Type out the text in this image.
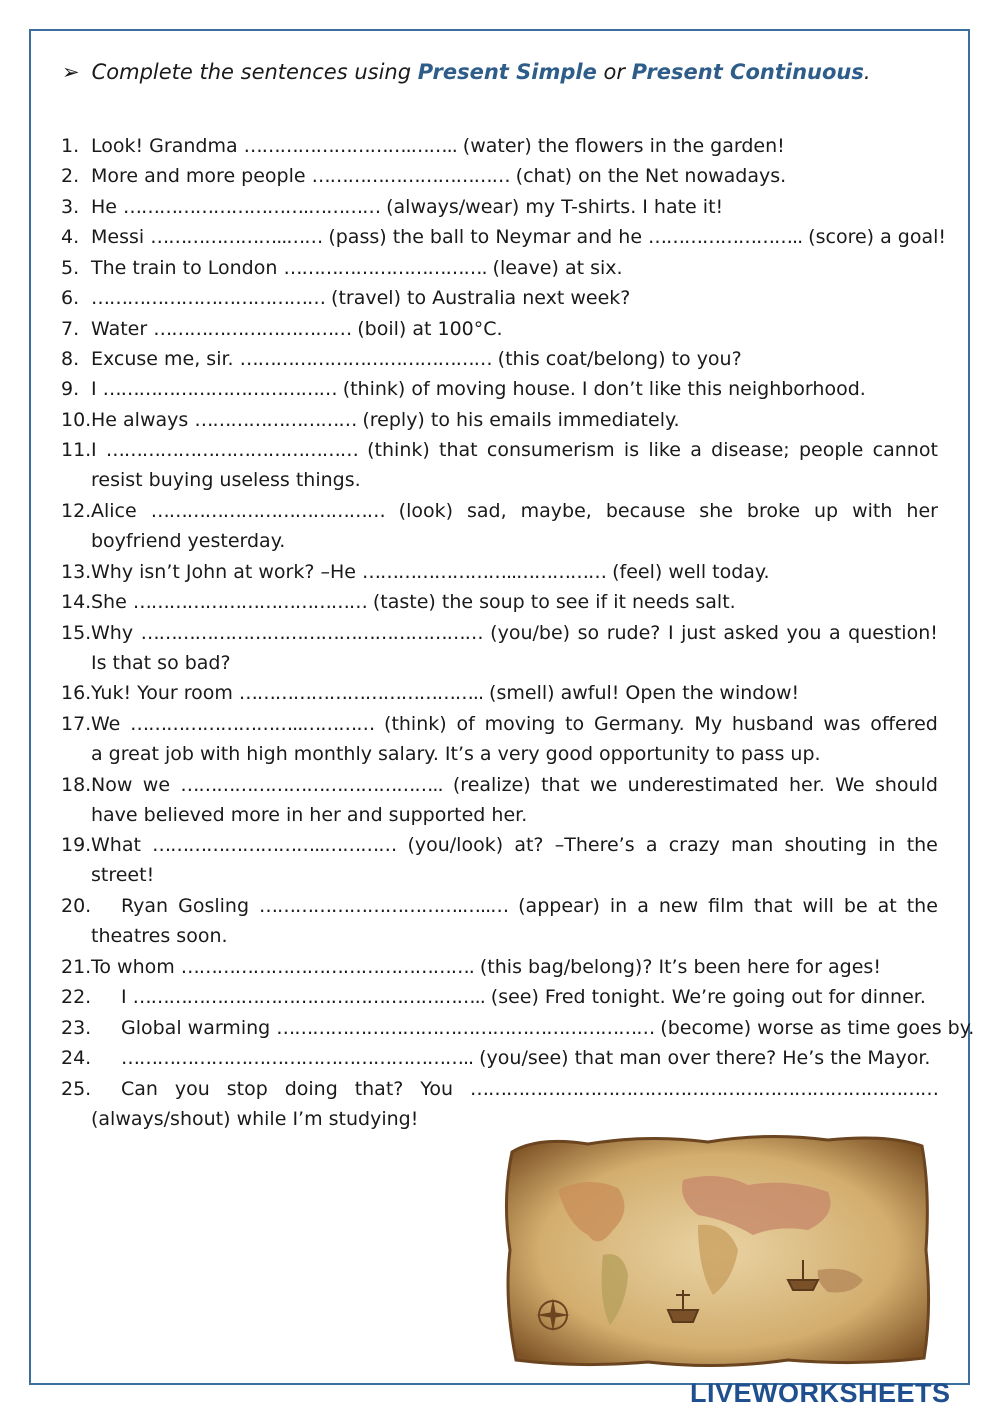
➢ Complete the sentences using Present Simple or Present Continuous.
1. Look! Grandma ……………………….…….. (water) the flowers in the garden!
2. More and more people …………………………… (chat) on the Net nowadays.
3. He ………………………….………… (always/wear) my T-shirts. I hate it!
4. Messi …………………..…… (pass) the ball to Neymar and he …………………….. (score) a goal!
5. The train to London ……………………………. (leave) at six.
6. ………………………………… (travel) to Australia next week?
7. Water …………………………… (boil) at 100°C.
8. Excuse me, sir. …………………………………… (this coat/belong) to you?
9. I ………………………………… (think) of moving house. I don’t like this neighborhood.
10.He always ……………………… (reply) to his emails immediately.
11. I …………………………………… (think) that consumerism is like a disease; people cannot
resist buying useless things.
12. Alice ………………………………… (look) sad, maybe, because she broke up with her
boyfriend yesterday.
13.Why isn’t John at work? –He ……………………..…………… (feel) well today.
14.She ………………………………… (taste) the soup to see if it needs salt.
15. Why ………………………………………………… (you/be) so rude? I just asked you a question!
Is that so bad?
16.Yuk! Your room ………………………………….. (smell) awful! Open the window!
17. We ………………………..………… (think) of moving to Germany. My husband was offered
a great job with high monthly salary. It’s a very good opportunity to pass up.
18. Now we …………………………………….. (realize) that we underestimated her. We should
have believed more in her and supported her.
19. What ………………………..………… (you/look) at? –There’s a crazy man shouting in the
street!
20.	Ryan Gosling …………………………….…..… (appear) in a new film that will be at the
theatres soon.
21.To whom …………………………………………. (this bag/belong)? It’s been here for ages!
22. I ………………………………………………….. (see) Fred tonight. We’re going out for dinner.
23. Global warming ……………………………………………………… (become) worse as time goes by.
24. ………………………………………………….. (you/see) that man over there? He’s the Mayor.
25.	Can you stop doing that? You ……………………………………………………………………
(always/shout) while I’m studying!
LIVEWORKSHEETS
